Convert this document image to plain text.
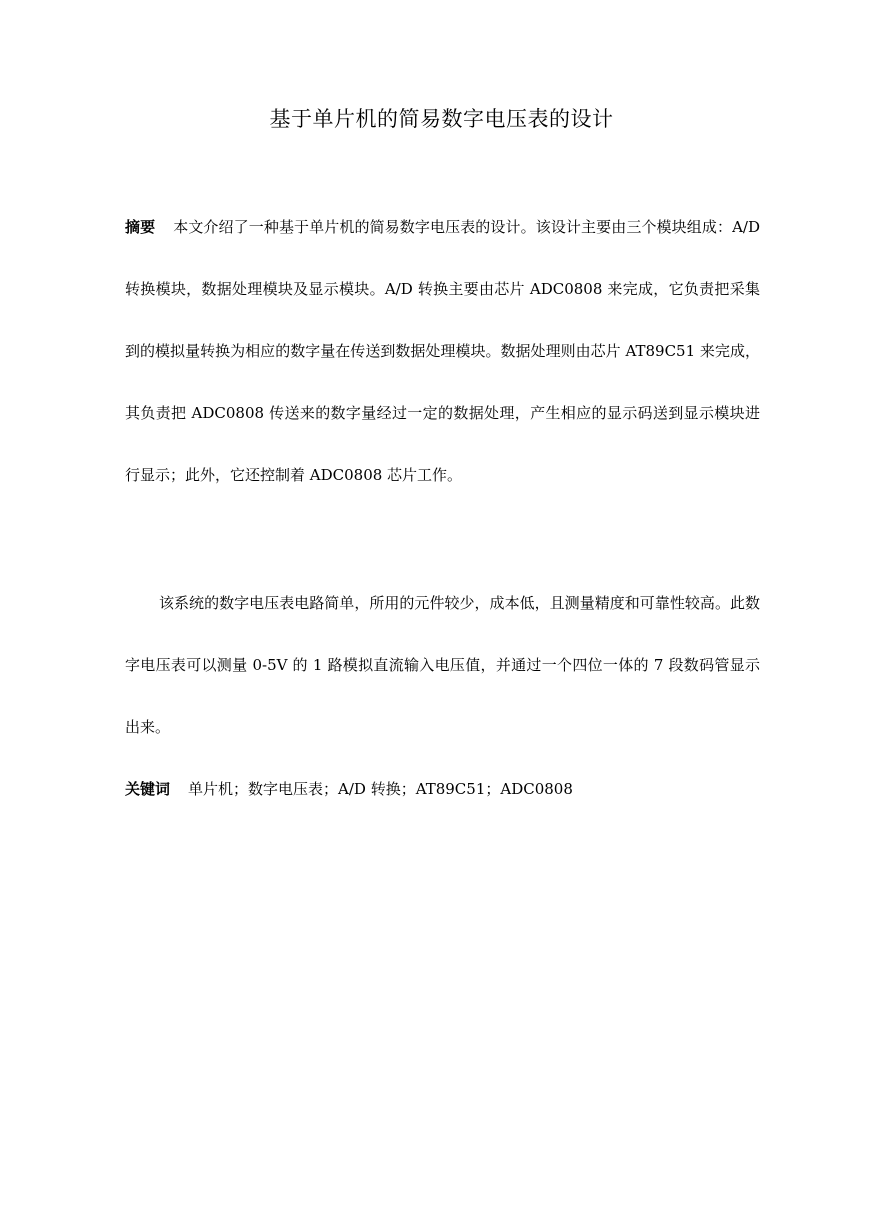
基于单片机的简易数字电压表的设计
摘要 本文介绍了一种基于单片机的简易数字电压表的设计。该设计主要由三个模块组成：A/D 转换模块，数据处理模块及显示模块。A/D 转换主要由芯片 ADC0808 来完成，它负责把采集到的模拟量转换为相应的数字量在传送到数据处理模块。数据处理则由芯片 AT89C51 来完成，其负责把 ADC0808 传送来的数字量经过一定的数据处理，产生相应的显示码送到显示模块进行显示；此外，它还控制着 ADC0808 芯片工作。
该系统的数字电压表电路简单，所用的元件较少，成本低，且测量精度和可靠性较高。此数字电压表可以测量 0-5V 的 1 路模拟直流输入电压值，并通过一个四位一体的 7 段数码管显示出来。
关键词 单片机；数字电压表；A/D 转换；AT89C51；ADC0808
